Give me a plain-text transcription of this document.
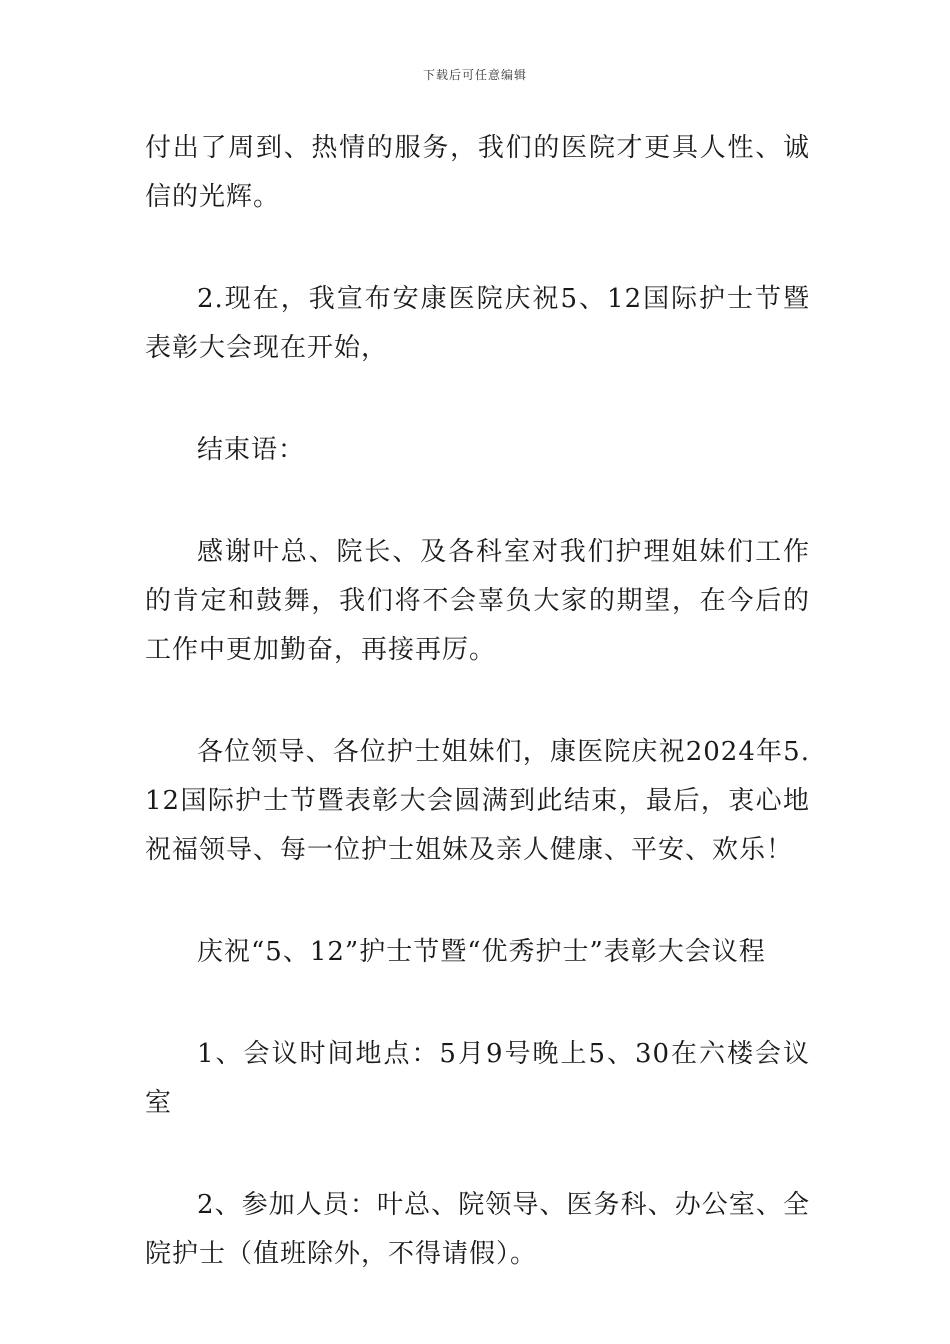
下载后可任意编辑

付出了周到、热情的服务，我们的医院才更具人性、诚信的光辉。

2.现在，我宣布安康医院庆祝5、12国际护士节暨表彰大会现在开始，

结束语：

感谢叶总、院长、及各科室对我们护理姐妹们工作的肯定和鼓舞，我们将不会辜负大家的期望，在今后的工作中更加勤奋，再接再厉。

各位领导、各位护士姐妹们，康医院庆祝2024年5.12国际护士节暨表彰大会圆满到此结束，最后，衷心地祝福领导、每一位护士姐妹及亲人健康、平安、欢乐！

庆祝“5、12”护士节暨“优秀护士”表彰大会议程

1、会议时间地点：5月9号晚上5、30在六楼会议室

2、参加人员：叶总、院领导、医务科、办公室、全院护士（值班除外，不得请假）。
